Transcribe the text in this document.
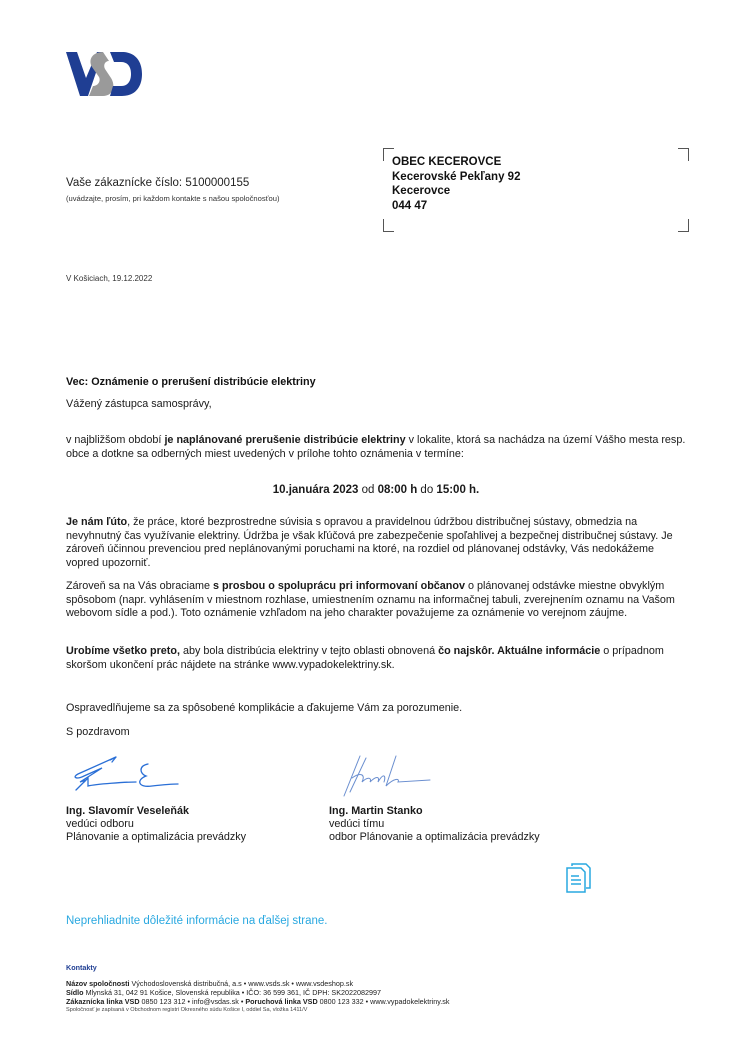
Vaše zákaznícke číslo: 5100000155
(uvádzajte, prosím, pri každom kontakte s našou spoločnosťou)
OBEC KECEROVCE
Kecerovské Pekľany 92
Kecerovce
044 47
V Košiciach, 19.12.2022
Vec: Oznámenie o prerušení distribúcie elektriny
Vážený zástupca samosprávy,
v najbližšom období je naplánované prerušenie distribúcie elektriny v lokalite, ktorá sa nachádza na území Vášho mesta resp. obce a dotkne sa odberných miest uvedených v prílohe tohto oznámenia v termíne:
10.januára 2023 od 08:00 h do 15:00 h.
Je nám ľúto, že práce, ktoré bezprostredne súvisia s opravou a pravidelnou údržbou distribučnej sústavy, obmedzia na nevyhnutný čas využívanie elektriny. Údržba je však kľúčová pre zabezpečenie spoľahlivej a bezpečnej distribučnej sústavy. Je zároveň účinnou prevenciou pred neplánovanými poruchami na ktoré, na rozdiel od plánovanej odstávky, Vás nedokážeme vopred upozorniť.
Zároveň sa na Vás obraciame s prosbou o spoluprácu pri informovaní občanov o plánovanej odstávke miestne obvyklým spôsobom (napr. vyhlásením v miestnom rozhlase, umiestnením oznamu na informačnej tabuli, zverejnením oznamu na Vašom webovom sídle a pod.). Toto oznámenie vzhľadom na jeho charakter považujeme za oznámenie vo verejnom záujme.
Urobíme všetko preto, aby bola distribúcia elektriny v tejto oblasti obnovená čo najskôr. Aktuálne informácie o prípadnom skoršom ukončení prác nájdete na stránke www.vypadokelektriny.sk.
Ospravedlňujeme sa za spôsobené komplikácie a ďakujeme Vám za porozumenie.
S pozdravom
Ing. Slavomír Veseleňák
vedúci odboru
Plánovanie a optimalizácia prevádzky
Ing. Martin Stanko
vedúci tímu
odbor Plánovanie a optimalizácia prevádzky
Neprehliadnite dôležité informácie na ďalšej strane.
Kontakty
Názov spoločnosti Východoslovenská distribučná, a.s • www.vsds.sk • www.vsdeshop.sk
Sídlo Mlynská 31, 042 91 Košice, Slovenská republika • IČO: 36 599 361, IČ DPH: SK2022082997
Zákaznícka linka VSD 0850 123 312 • info@vsdas.sk • Poruchová linka VSD 0800 123 332 • www.vypadokelektriny.sk
Spoločnosť je zapísaná v Obchodnom registri Okresného súdu Košice I, oddiel Sa, vložka 1411/V
